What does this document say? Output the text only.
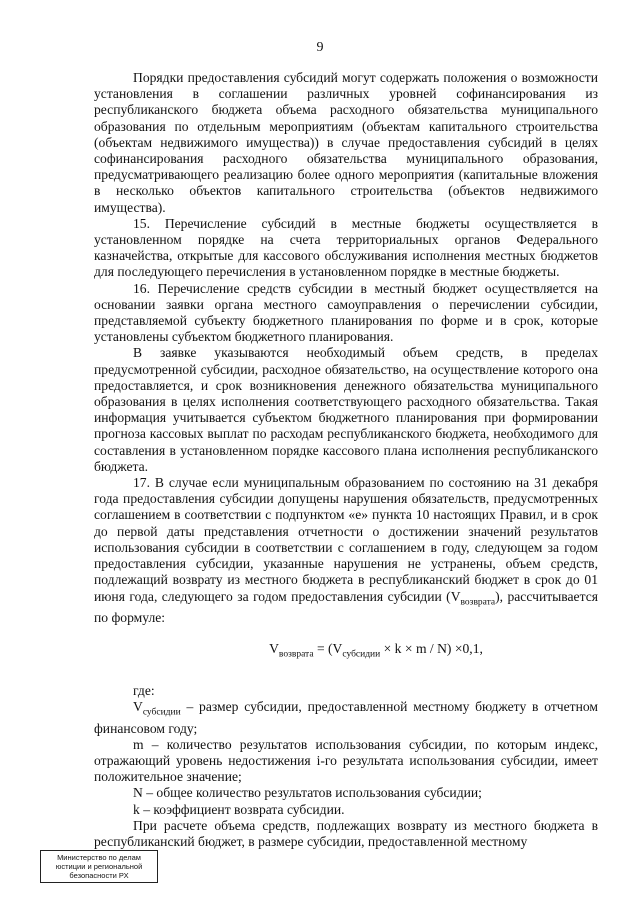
9

Порядки предоставления субсидий могут содержать положения о возможности установления в соглашении различных уровней софинансирования из республиканского бюджета объема расходного обязательства муниципального образования по отдельным мероприятиям (объектам капитального строительства (объектам недвижимого имущества)) в случае предоставления субсидий в целях софинансирования расходного обязательства муниципального образования, предусматривающего реализацию более одного мероприятия (капитальные вложения в несколько объектов капитального строительства (объектов недвижимого имущества).

15. Перечисление субсидий в местные бюджеты осуществляется в установленном порядке на счета территориальных органов Федерального казначейства, открытые для кассового обслуживания исполнения местных бюджетов для последующего перечисления в установленном порядке в местные бюджеты.

16. Перечисление средств субсидии в местный бюджет осуществляется на основании заявки органа местного самоуправления о перечислении субсидии, представляемой субъекту бюджетного планирования по форме и в срок, которые установлены субъектом бюджетного планирования.

В заявке указываются необходимый объем средств, в пределах предусмотренной субсидии, расходное обязательство, на осуществление которого она предоставляется, и срок возникновения денежного обязательства муниципального образования в целях исполнения соответствующего расходного обязательства. Такая информация учитывается субъектом бюджетного планирования при формировании прогноза кассовых выплат по расходам республиканского бюджета, необходимого для составления в установленном порядке кассового плана исполнения республиканского бюджета.

17. В случае если муниципальным образованием по состоянию на 31 декабря года предоставления субсидии допущены нарушения обязательств, предусмотренных соглашением в соответствии с подпунктом «е» пункта 10 настоящих Правил, и в срок до первой даты представления отчетности о достижении значений результатов использования субсидии в соответствии с соглашением в году, следующем за годом предоставления субсидии, указанные нарушения не устранены, объем средств, подлежащий возврату из местного бюджета в республиканский бюджет в срок до 01 июня года, следующего за годом предоставления субсидии $(V_{возврата})$, рассчитывается по формуле:

$V_{возврата} = (V_{субсидии} \times k \times m / N) \times 0,1$,

где:

$V_{субсидии}$ – размер субсидии, предоставленной местному бюджету в отчетном финансовом году;

m – количество результатов использования субсидии, по которым индекс, отражающий уровень недостижения i-го результата использования субсидии, имеет положительное значение;

N – общее количество результатов использования субсидии;

k – коэффициент возврата субсидии.

При расчете объема средств, подлежащих возврату из местного бюджета в республиканский бюджет, в размере субсидии, предоставленной местному

Министерство по делам
юстиции и региональной
безопасности РХ
